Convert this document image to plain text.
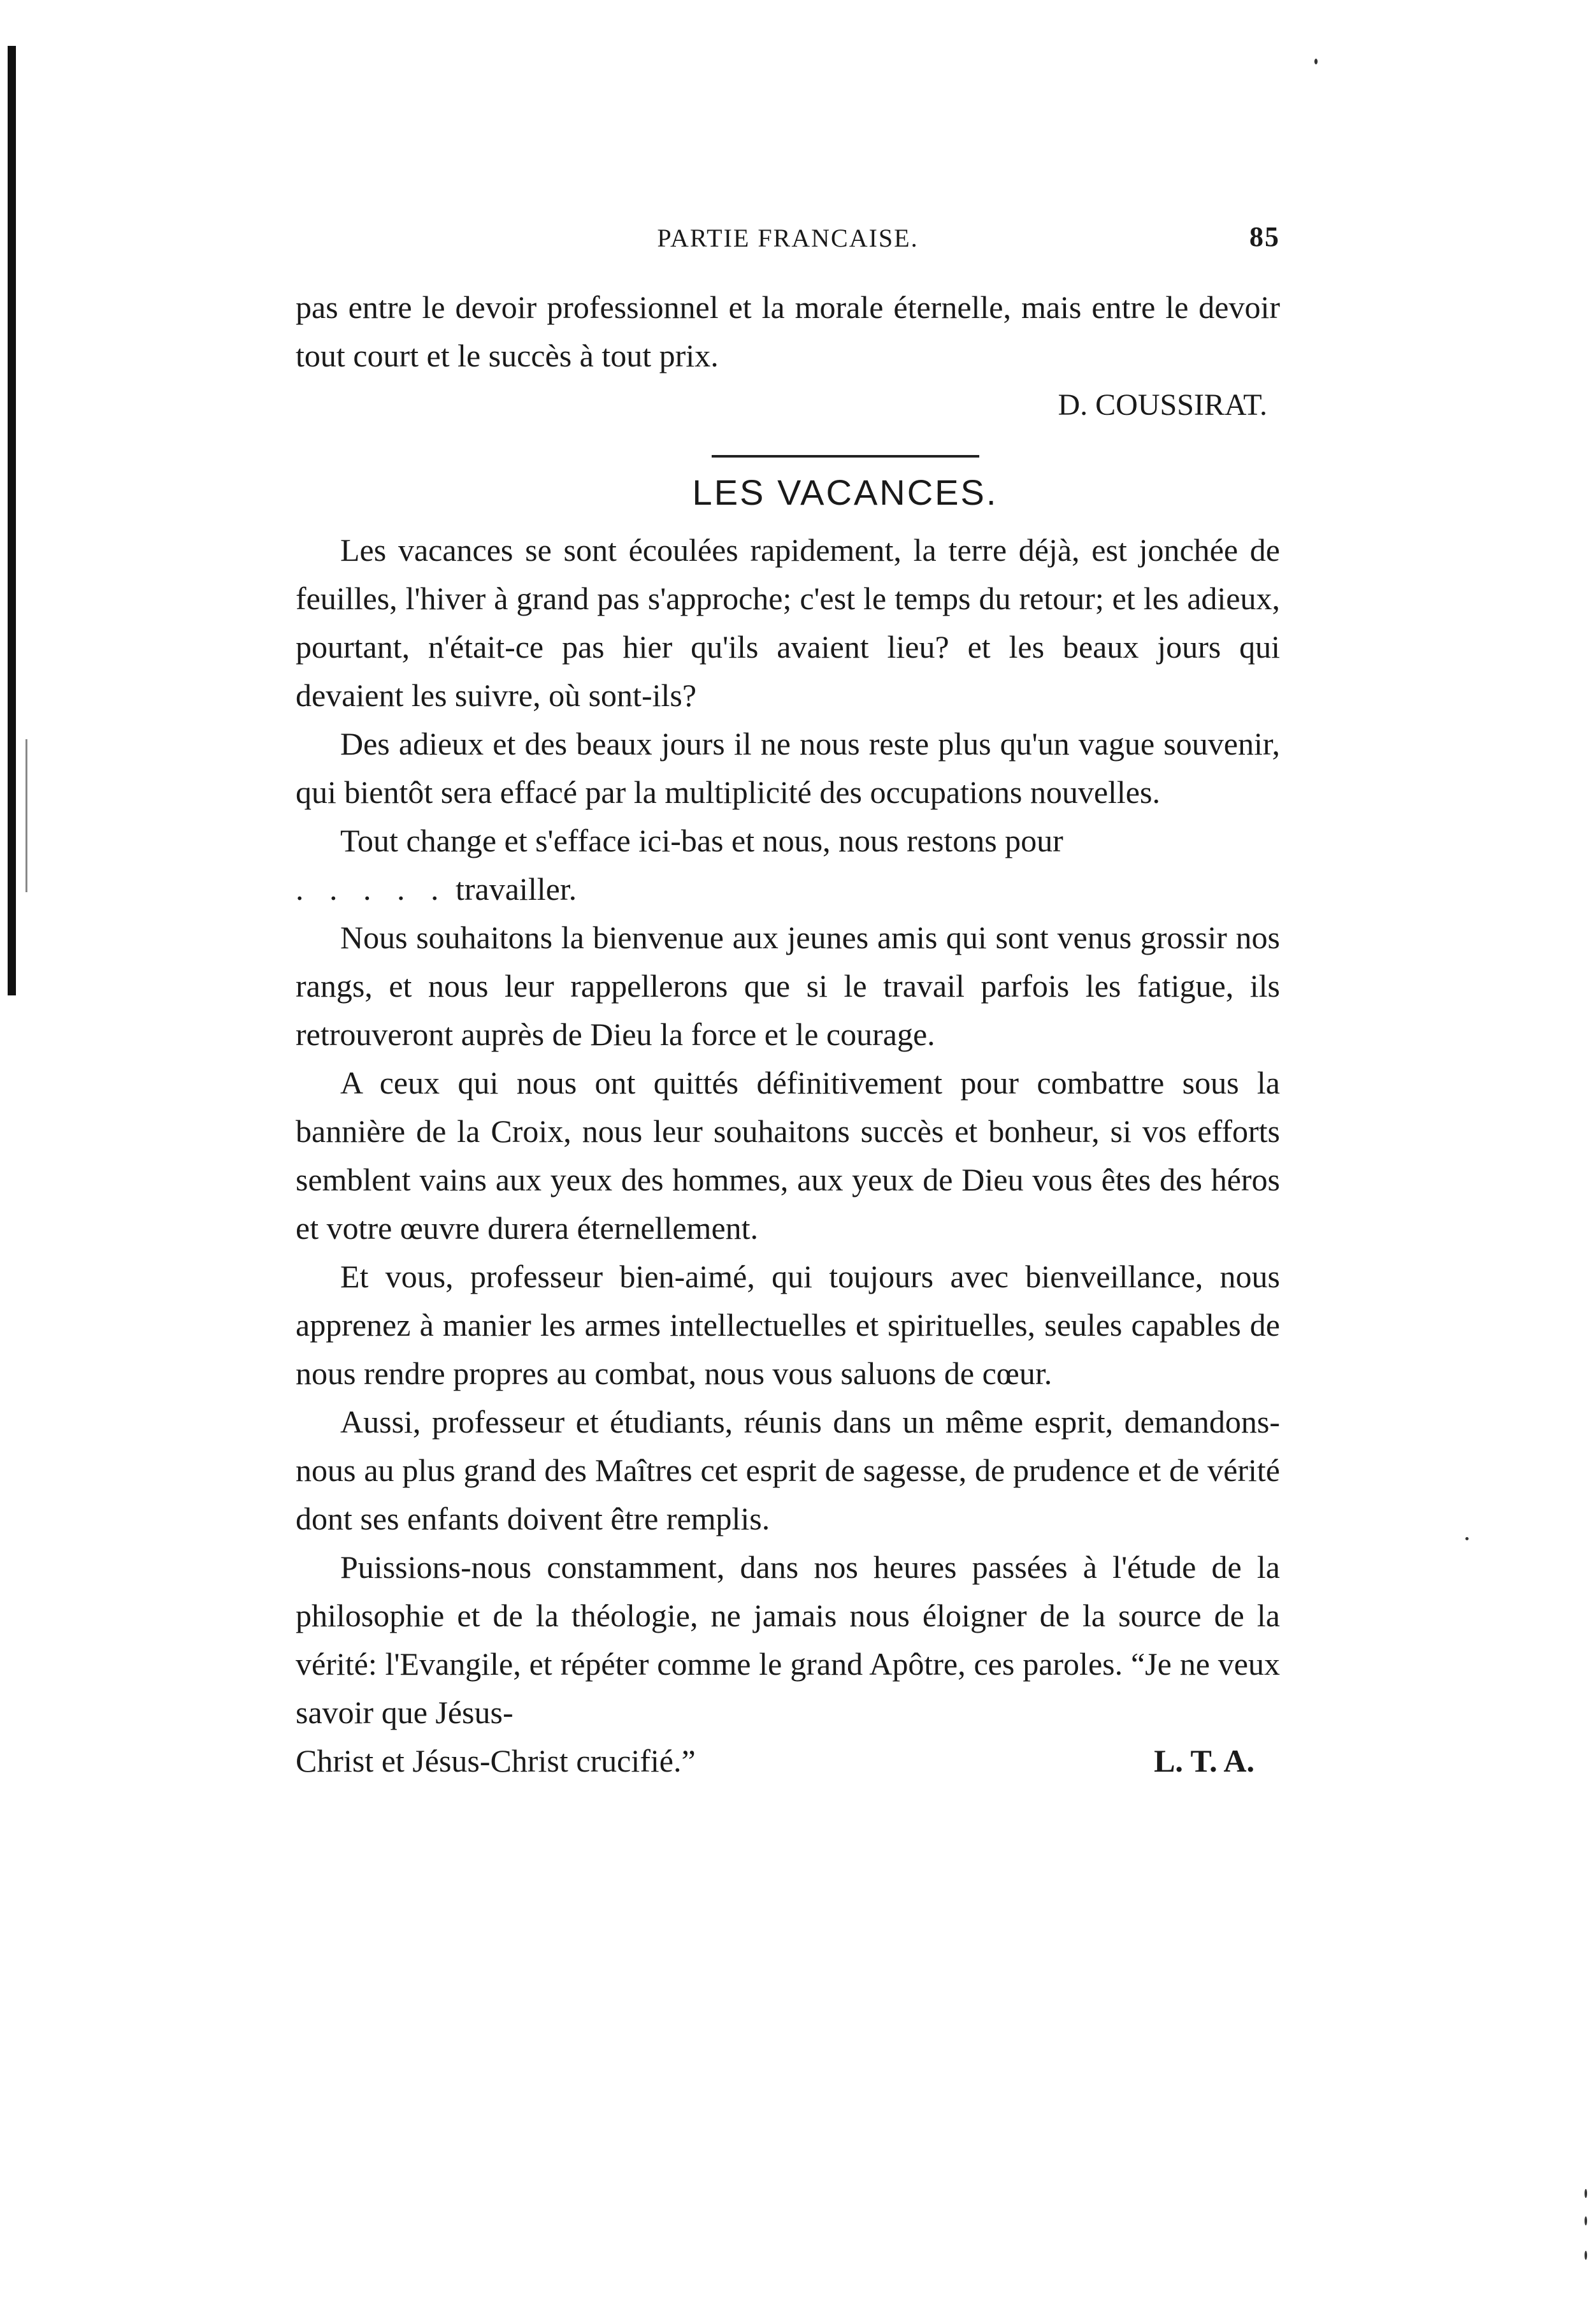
PARTIE FRANCAISE.	85

pas entre le devoir professionnel et la morale éternelle, mais entre le devoir tout court et le succès à tout prix.

D. COUSSIRAT.
LES VACANCES.

Les vacances se sont écoulées rapidement, la terre déjà, est jonchée de feuilles, l'hiver à grand pas s'approche; c'est le temps du retour; et les adieux, pourtant, n'était-ce pas hier qu'ils avaient lieu? et les beaux jours qui devaient les suivre, où sont-ils?

Des adieux et des beaux jours il ne nous reste plus qu'un vague souvenir, qui bientôt sera effacé par la multiplicité des occupations nouvelles.

Tout change et s'efface ici-bas et nous, nous restons pour

. . . . . travailler.

Nous souhaitons la bienvenue aux jeunes amis qui sont venus grossir nos rangs, et nous leur rappellerons que si le travail parfois les fatigue, ils retrouveront auprès de Dieu la force et le courage.

A ceux qui nous ont quittés définitivement pour combattre sous la bannière de la Croix, nous leur souhaitons succès et bonheur, si vos efforts semblent vains aux yeux des hommes, aux yeux de Dieu vous êtes des héros et votre œuvre durera éternellement.

Et vous, professeur bien-aimé, qui toujours avec bienveillance, nous apprenez à manier les armes intellectuelles et spirituelles, seules capables de nous rendre propres au combat, nous vous saluons de cœur.

Aussi, professeur et étudiants, réunis dans un même esprit, demandons-nous au plus grand des Maîtres cet esprit de sagesse, de prudence et de vérité dont ses enfants doivent être remplis.

Puissions-nous constamment, dans nos heures passées à l'étude de la philosophie et de la théologie, ne jamais nous éloigner de la source de la vérité: l'Evangile, et répéter comme le grand Apôtre, ces paroles. “Je ne veux savoir que Jésus-

Christ et Jésus-Christ crucifié.”	L. T. A.
